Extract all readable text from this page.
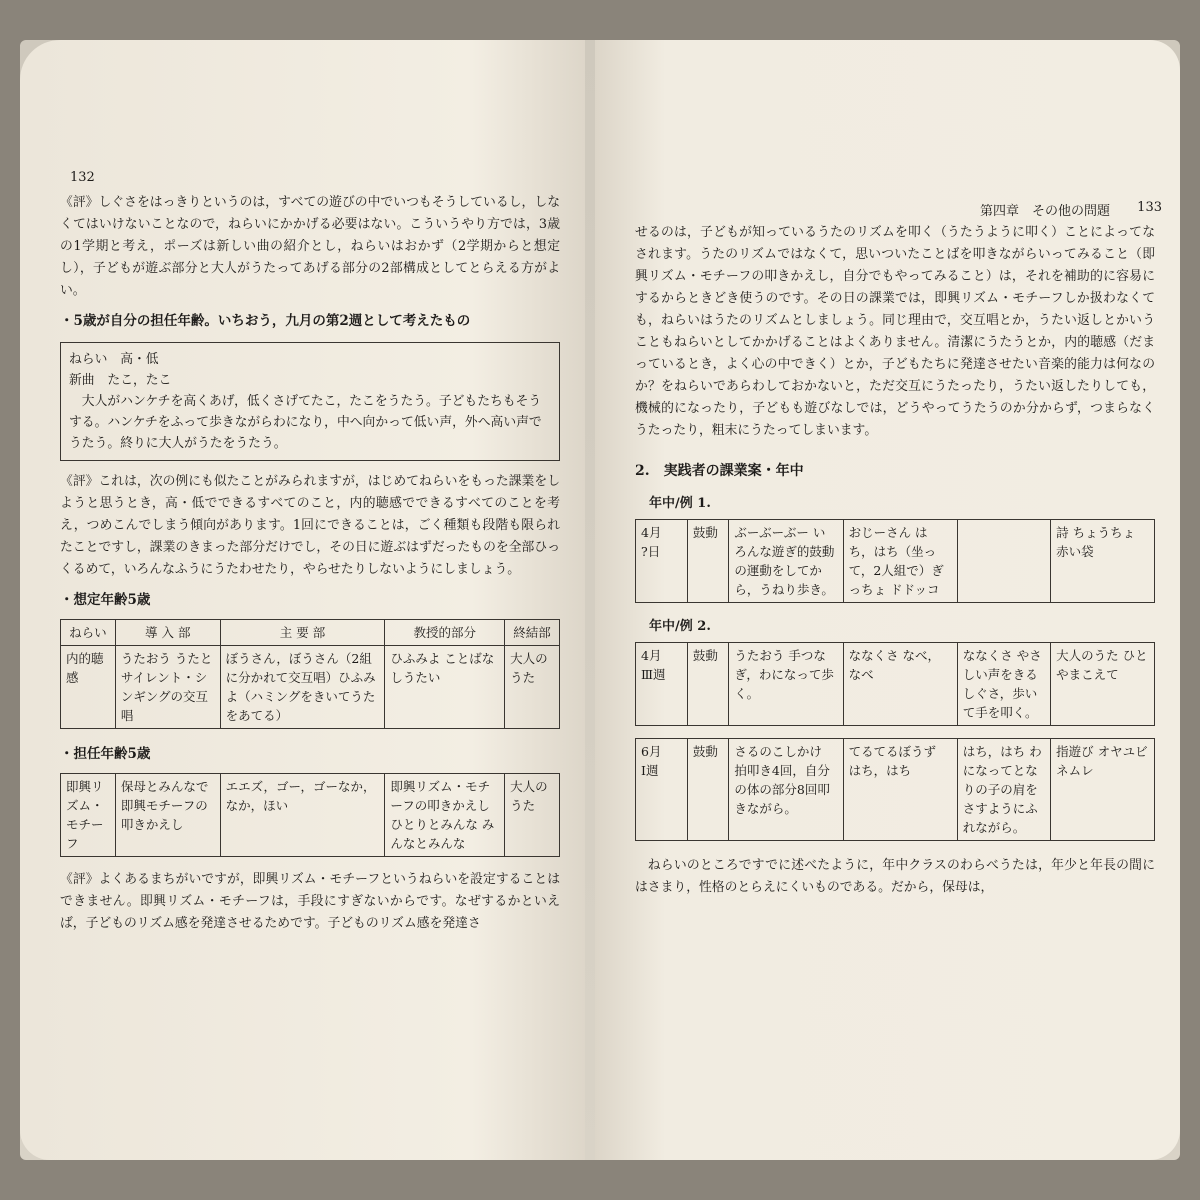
132

《評》しぐさをはっきりというのは，すべての遊びの中でいつもそうしているし，しなくてはいけないことなので，ねらいにかかげる必要はない。こういうやり方では，3歳の1学期と考え，ポーズは新しい曲の紹介とし，ねらいはおかず（2学期からと想定し），子どもが遊ぶ部分と大人がうたってあげる部分の2部構成としてとらえる方がよい。

・5歳が自分の担任年齢。いちおう，九月の第2週として考えたもの
ねらい　高・低
新曲　たこ，たこ
大人がハンケチを高くあげ，低くさげてたこ，たこをうたう。子どもたちもそうする。ハンケチをふって歩きながらわになり，中へ向かって低い声，外へ高い声でうたう。終りに大人がうたをうたう。

《評》これは，次の例にも似たことがみられますが，はじめてねらいをもった課業をしようと思うとき，高・低でできるすべてのこと，内的聴感でできるすべてのことを考え，つめこんでしまう傾向があります。1回にできることは，ごく種類も段階も限られたことですし，課業のきまった部分だけでし，その日に遊ぶはずだったものを全部ひっくるめて，いろんなふうにうたわせたり，やらせたりしないようにしましょう。

・想定年齢5歳
ねらい	導 入 部	主 要 部	教授的部分	終結部
内的聴感	うたおう うたとサイレント・シンギングの交互唱	ぼうさん，ぼうさん（2組に分かれて交互唱）ひふみよ（ハミングをきいてうたをあてる）	ひふみよ ことばなしうたい	大人のうた
・担任年齢5歳
即興リズム・モチーフ	保母とみんなで即興モチーフの叩きかえし	エエズ，ゴー，ゴーなか，なか，ほい	即興リズム・モチーフの叩きかえし ひとりとみんな みんなとみんな	大人のうた

《評》よくあるまちがいですが，即興リズム・モチーフというねらいを設定することはできません。即興リズム・モチーフは，手段にすぎないからです。なぜするかといえば，子どものリズム感を発達させるためです。子どものリズム感を発達さ

第四章　その他の問題 133

せるのは，子どもが知っているうたのリズムを叩く（うたうように叩く）ことによってなされます。うたのリズムではなくて，思いついたことばを叩きながらいってみること（即興リズム・モチーフの叩きかえし，自分でもやってみること）は，それを補助的に容易にするからときどき使うのです。その日の課業では，即興リズム・モチーフしか扱わなくても，ねらいはうたのリズムとしましょう。同じ理由で，交互唱とか，うたい返しとかいうこともねらいとしてかかげることはよくありません。清潔にうたうとか，内的聴感（だまっているとき，よく心の中できく）とか，子どもたちに発達させたい音楽的能力は何なのか？をねらいであらわしておかないと，ただ交互にうたったり，うたい返したりしても，機械的になったり，子どもも遊びなしでは，どうやってうたうのか分からず，つまらなくうたったり，粗末にうたってしまいます。

2.　実践者の課業案・年中
年中/例 1.
4月
?日	鼓動	ぶーぶーぶー いろんな遊ぎ的鼓動の運動をしてから，うねり歩き。	おじーさん はち，はち（坐って，2人組で）ぎっちょ ドドッコ		詩 ちょうちょ 赤い袋
年中/例 2.
4月
Ⅲ週	鼓動	うたおう 手つなぎ，わになって歩く。	ななくさ なべ，なべ	ななくさ やさしい声をきるしぐさ，歩いて手を叩く。	大人のうた ひとやまこえて
6月
Ⅰ週	鼓動	さるのこしかけ 拍叩き4回，自分の体の部分8回叩きながら。	てるてるぼうず はち，はち	はち，はち わになってとなりの子の肩をさすようにふれながら。	指遊び オヤユビネムレ

ねらいのところですでに述べたように，年中クラスのわらべうたは，年少と年長の間にはさまり，性格のとらえにくいものである。だから，保母は，
